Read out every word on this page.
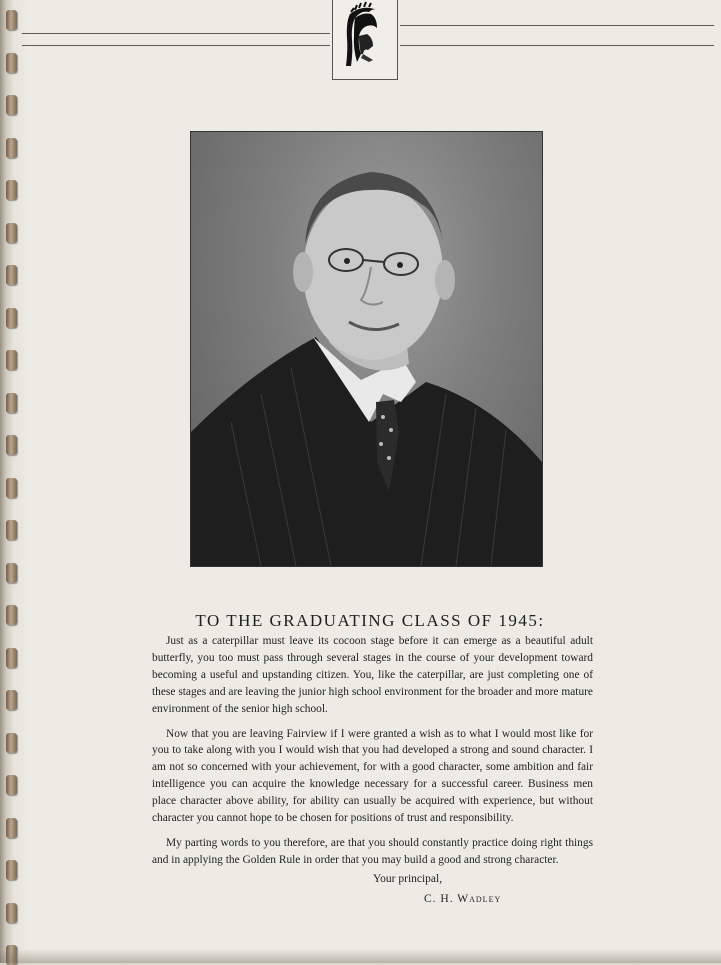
TO THE GRADUATING CLASS OF 1945:

Just as a caterpillar must leave its cocoon stage before it can emerge as a beautiful adult butterfly, you too must pass through several stages in the course of your development toward becoming a useful and upstanding citizen. You, like the caterpillar, are just completing one of these stages and are leaving the junior high school environment for the broader and more mature environment of the senior high school.

Now that you are leaving Fairview if I were granted a wish as to what I would most like for you to take along with you I would wish that you had developed a strong and sound character. I am not so concerned with your achievement, for with a good character, some ambition and fair intelligence you can acquire the knowledge necessary for a successful career. Business men place character above ability, for ability can usually be acquired with experience, but without character you cannot hope to be chosen for positions of trust and responsibility.

My parting words to you therefore, are that you should constantly practice doing right things and in applying the Golden Rule in order that you may build a good and strong character.

Your principal,
C. H. Wadley
